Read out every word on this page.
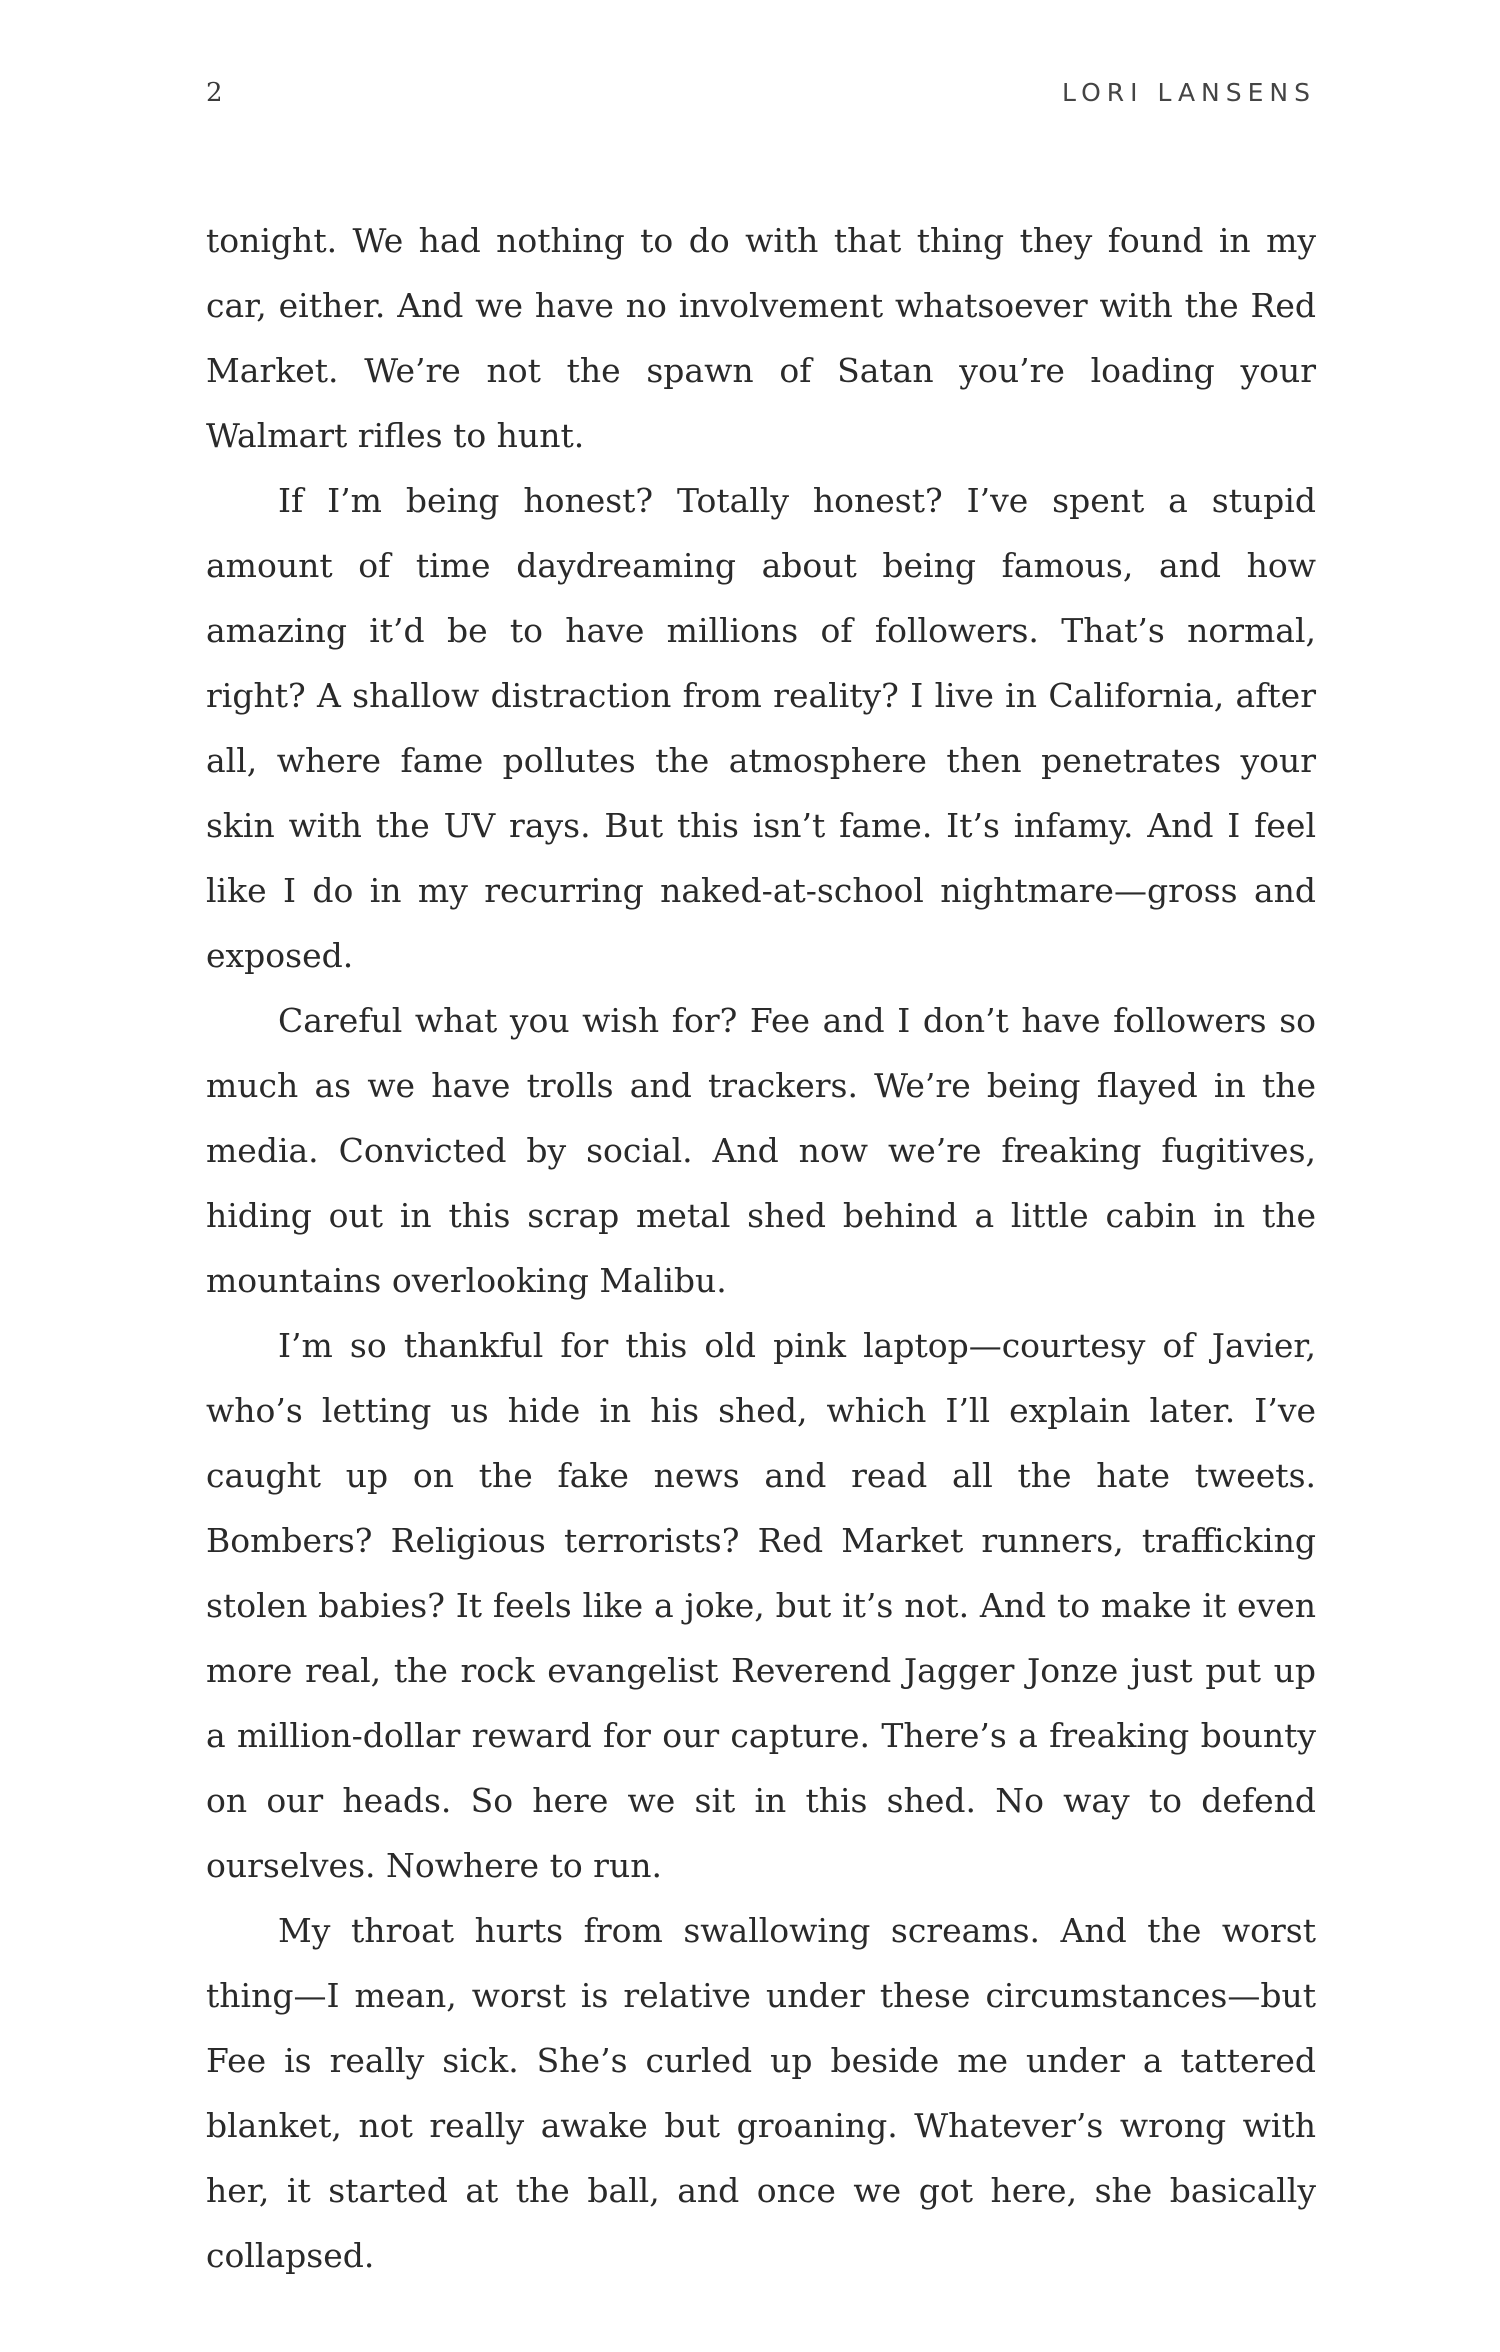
2	LORI LANSENS

tonight. We had nothing to do with that thing they found in my car, either. And we have no involvement whatsoever with the Red Market. We’re not the spawn of Satan you’re loading your Walmart rifles to hunt.

If I’m being honest? Totally honest? I’ve spent a stupid amount of time daydreaming about being famous, and how amazing it’d be to have millions of followers. That’s normal, right? A shallow distraction from reality? I live in California, after all, where fame pollutes the atmosphere then penetrates your skin with the UV rays. But this isn’t fame. It’s infamy. And I feel like I do in my recurring naked-at-school nightmare—gross and exposed.

Careful what you wish for? Fee and I don’t have followers so much as we have trolls and trackers. We’re being flayed in the media. Convicted by social. And now we’re freaking fugitives, hiding out in this scrap metal shed behind a little cabin in the mountains overlooking Malibu.

I’m so thankful for this old pink laptop—courtesy of Javier, who’s letting us hide in his shed, which I’ll explain later. I’ve caught up on the fake news and read all the hate tweets. Bombers? Religious terrorists? Red Market runners, trafficking stolen babies? It feels like a joke, but it’s not. And to make it even more real, the rock evangelist Reverend Jagger Jonze just put up a million-dollar reward for our capture. There’s a freaking bounty on our heads. So here we sit in this shed. No way to defend ourselves. Nowhere to run.

My throat hurts from swallowing screams. And the worst thing—I mean, worst is relative under these circumstances—but Fee is really sick. She’s curled up beside me under a tattered blanket, not really awake but groaning. Whatever’s wrong with her, it started at the ball, and once we got here, she basically collapsed.
